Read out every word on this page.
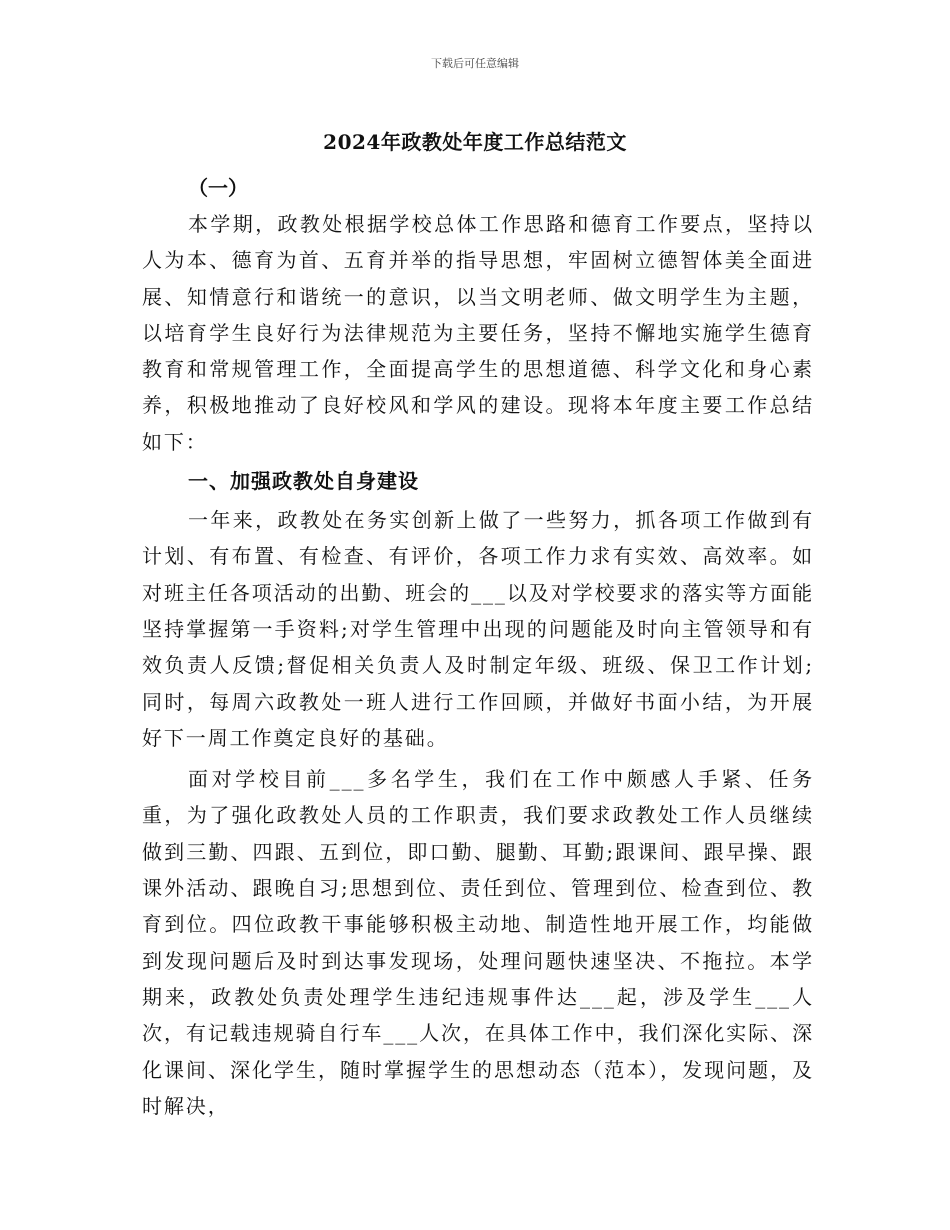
下载后可任意编辑
2024年政教处年度工作总结范文

（一）

本学期，政教处根据学校总体工作思路和德育工作要点，坚持以人为本、德育为首、五育并举的指导思想，牢固树立德智体美全面进展、知情意行和谐统一的意识，以当文明老师、做文明学生为主题，以培育学生良好行为法律规范为主要任务，坚持不懈地实施学生德育教育和常规管理工作，全面提高学生的思想道德、科学文化和身心素养，积极地推动了良好校风和学风的建设。现将本年度主要工作总结如下：

一、加强政教处自身建设

一年来，政教处在务实创新上做了一些努力，抓各项工作做到有计划、有布置、有检查、有评价，各项工作力求有实效、高效率。如对班主任各项活动的出勤、班会的___以及对学校要求的落实等方面能坚持掌握第一手资料;对学生管理中出现的问题能及时向主管领导和有效负责人反馈;督促相关负责人及时制定年级、班级、保卫工作计划;同时，每周六政教处一班人进行工作回顾，并做好书面小结，为开展好下一周工作奠定良好的基础。

面对学校目前___多名学生，我们在工作中颇感人手紧、任务重，为了强化政教处人员的工作职责，我们要求政教处工作人员继续做到三勤、四跟、五到位，即口勤、腿勤、耳勤;跟课间、跟早操、跟课外活动、跟晚自习;思想到位、责任到位、管理到位、检查到位、教育到位。四位政教干事能够积极主动地、制造性地开展工作，均能做到发现问题后及时到达事发现场，处理问题快速坚决、不拖拉。本学期来，政教处负责处理学生违纪违规事件达___起，涉及学生___人次，有记载违规骑自行车___人次，在具体工作中，我们深化实际、深化课间、深化学生，随时掌握学生的思想动态（范本），发现问题，及时解决，
